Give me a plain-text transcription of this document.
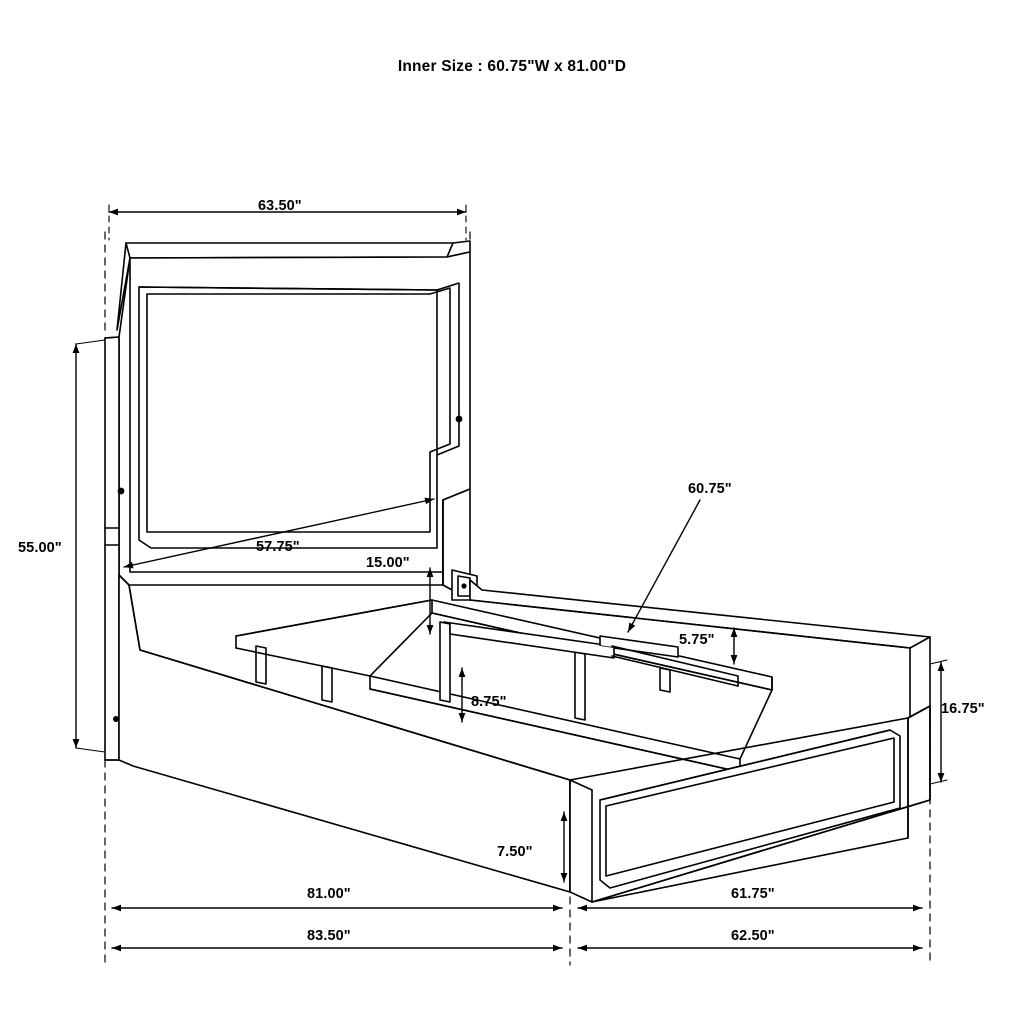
Inner Size : 60.75"W x 81.00"D
63.50"
55.00"	57.75"
15.00"
60.75"
5.75"
8.75"	16.75"
7.50"
81.00"	61.75"
83.50"	62.50"
